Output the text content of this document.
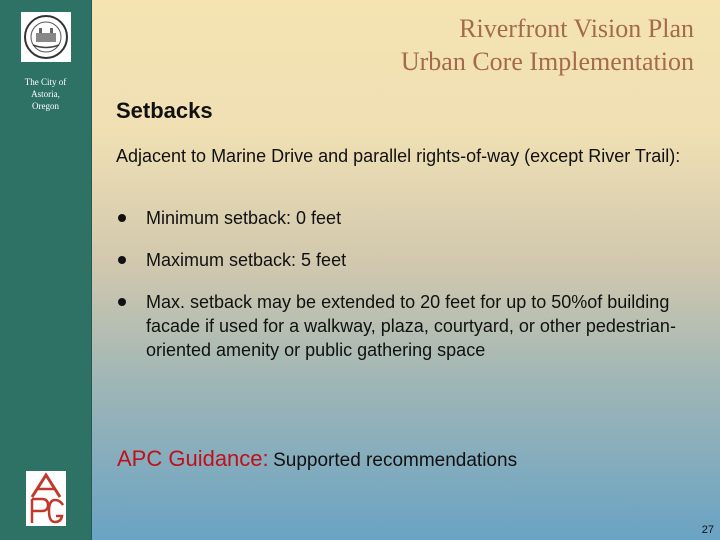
The City of
Astoria,
Oregon
Riverfront Vision Plan
Urban Core Implementation
Setbacks
Adjacent to Marine Drive and parallel rights-of-way (except River Trail):
Minimum setback: 0 feet
Maximum setback: 5 feet
Max. setback may be extended to 20 feet for up to 50%of building facade if used for a walkway, plaza, courtyard, or other pedestrian-oriented amenity or public gathering space
APC Guidance: Supported recommendations
27
